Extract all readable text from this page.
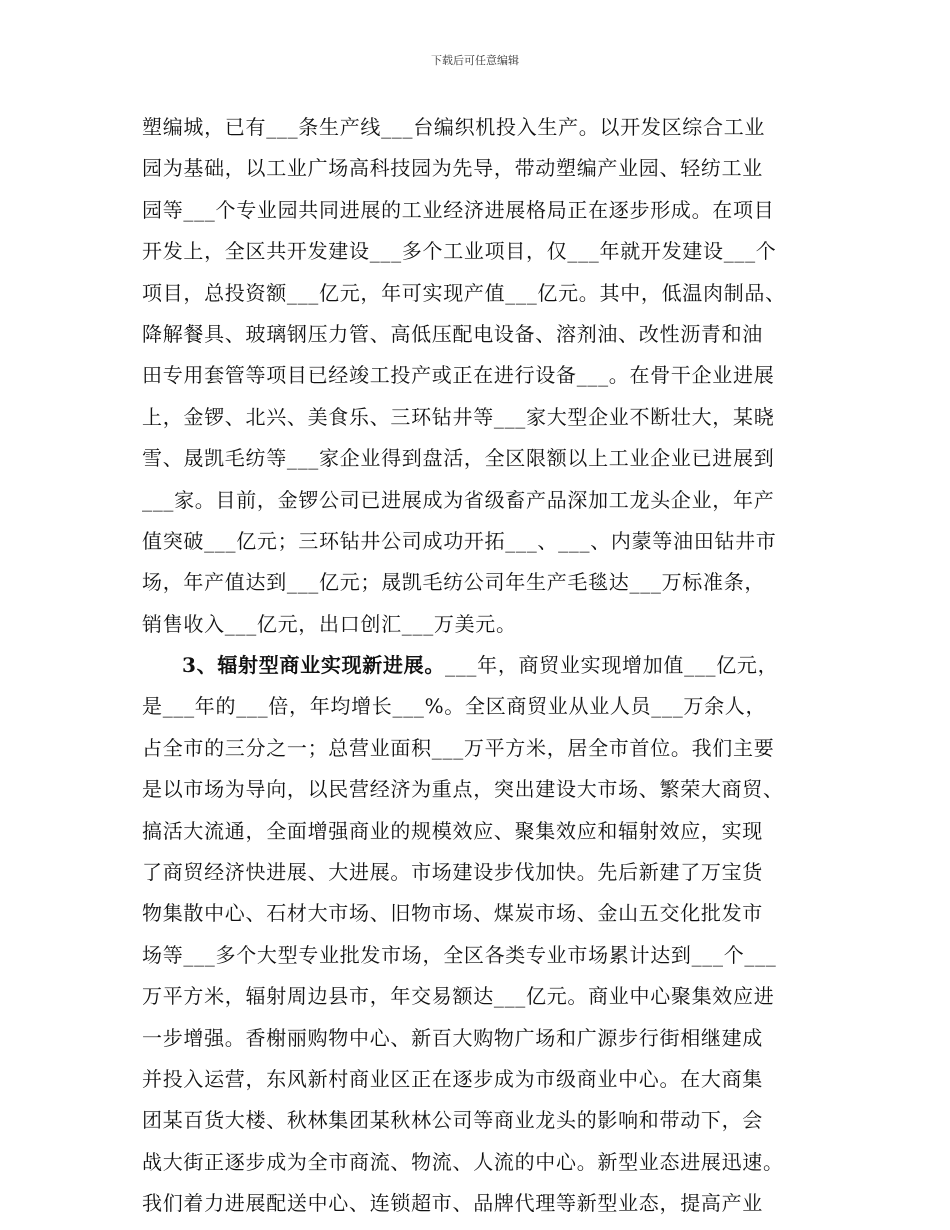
下载后可任意编辑
塑编城，已有___条生产线___台编织机投入生产。以开发区综合工业
园为基础，以工业广场高科技园为先导，带动塑编产业园、轻纺工业
园等___个专业园共同进展的工业经济进展格局正在逐步形成。在项目
开发上，全区共开发建设___多个工业项目，仅___年就开发建设___个
项目，总投资额___亿元，年可实现产值___亿元。其中，低温肉制品、
降解餐具、玻璃钢压力管、高低压配电设备、溶剂油、改性沥青和油
田专用套管等项目已经竣工投产或正在进行设备___。在骨干企业进展
上，金锣、北兴、美食乐、三环钻井等___家大型企业不断壮大，某晓
雪、晟凯毛纺等___家企业得到盘活，全区限额以上工业企业已进展到
___家。目前，金锣公司已进展成为省级畜产品深加工龙头企业，年产
值突破___亿元；三环钻井公司成功开拓___、___、内蒙等油田钻井市
场，年产值达到___亿元；晟凯毛纺公司年生产毛毯达___万标准条，
销售收入___亿元，出口创汇___万美元。
3、辐射型商业实现新进展。___年，商贸业实现增加值___亿元，
是___年的___倍，年均增长___%。全区商贸业从业人员___万余人，
占全市的三分之一；总营业面积___万平方米，居全市首位。我们主要
是以市场为导向，以民营经济为重点，突出建设大市场、繁荣大商贸、
搞活大流通，全面增强商业的规模效应、聚集效应和辐射效应，实现
了商贸经济快进展、大进展。市场建设步伐加快。先后新建了万宝货
物集散中心、石材大市场、旧物市场、煤炭市场、金山五交化批发市
场等___多个大型专业批发市场，全区各类专业市场累计达到___个___
万平方米，辐射周边县市，年交易额达___亿元。商业中心聚集效应进
一步增强。香榭丽购物中心、新百大购物广场和广源步行街相继建成
并投入运营，东风新村商业区正在逐步成为市级商业中心。在大商集
团某百货大楼、秋林集团某秋林公司等商业龙头的影响和带动下，会
战大街正逐步成为全市商流、物流、人流的中心。新型业态进展迅速。
我们着力进展配送中心、连锁超市、品牌代理等新型业态，提高产业
